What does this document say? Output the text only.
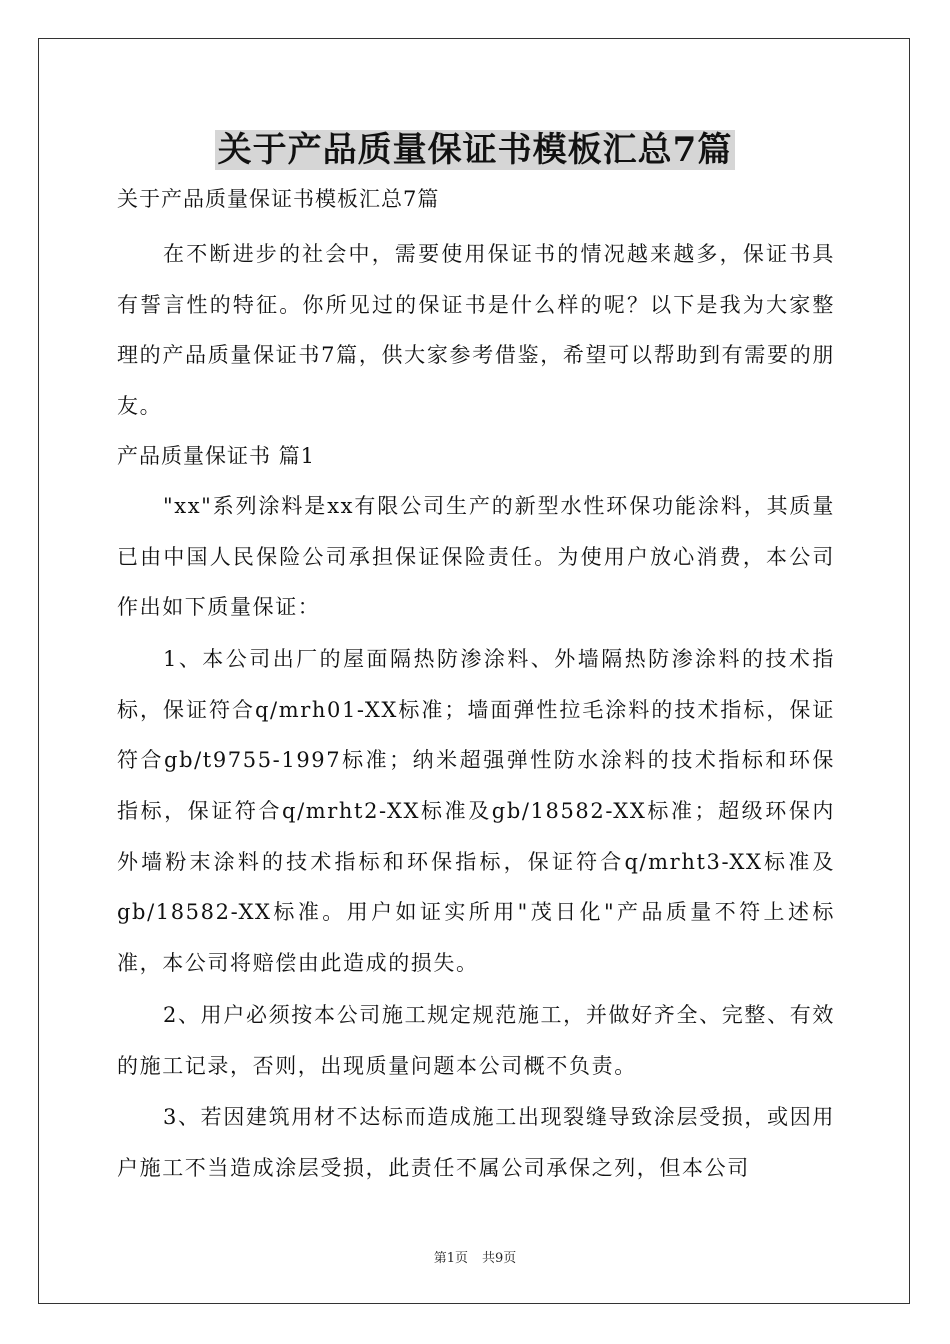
关于产品质量保证书模板汇总7篇

关于产品质量保证书模板汇总7篇

在不断进步的社会中，需要使用保证书的情况越来越多，保证书具有誓言性的特征。你所见过的保证书是什么样的呢？以下是我为大家整理的产品质量保证书7篇，供大家参考借鉴，希望可以帮助到有需要的朋友。

产品质量保证书 篇1

"xx"系列涂料是xx有限公司生产的新型水性环保功能涂料，其质量已由中国人民保险公司承担保证保险责任。为使用户放心消费，本公司作出如下质量保证：

1、本公司出厂的屋面隔热防渗涂料、外墙隔热防渗涂料的技术指标，保证符合q/mrh01-XX标准；墙面弹性拉毛涂料的技术指标，保证符合gb/t9755-1997标准；纳米超强弹性防水涂料的技术指标和环保指标，保证符合q/mrht2-XX标准及gb/18582-XX标准；超级环保内外墙粉末涂料的技术指标和环保指标，保证符合q/mrht3-XX标准及gb/18582-XX标准。用户如证实所用"茂日化"产品质量不符上述标准，本公司将赔偿由此造成的损失。

2、用户必须按本公司施工规定规范施工，并做好齐全、完整、有效的施工记录，否则，出现质量问题本公司概不负责。

3、若因建筑用材不达标而造成施工出现裂缝导致涂层受损，或因用户施工不当造成涂层受损，此责任不属公司承保之列，但本公司

第1页 共9页
